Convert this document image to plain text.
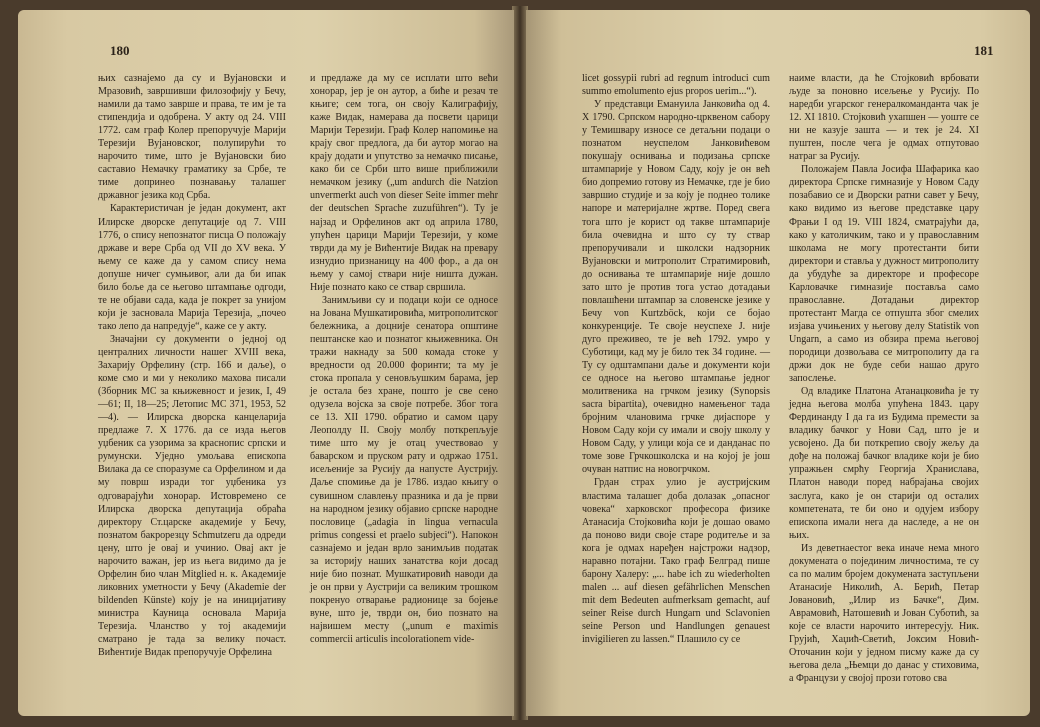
180

њих сазнајемо да су и Вујановски и Мразовић, завршивши филозофију у Бечу, намили да тамо заврше и права, те им је та стипендија и одобрена. У акту од 24. VIII 1772. сам граф Колер препоручује Марији Терезији Вујановског, полупирући то нарочито тиме, што је Вујановски био саставио Немачку граматику за Србе, те тиме допринео познавању талашег државног језика код Срба.

Карактеристичан је један документ, акт Илирске дворске депутације од 7. VIII 1776, о спису непознатог писца О положају државе и вере Срба од VII до XV века. У њему се каже да у самом спису нема допуше ничег сумњивог, али да би ипак било боље да се његово штампање одгоди, те не објави сада, када је покрет за унијом који је засновала Марија Терезија, „почео тако лепо да напредује“, каже се у акту.

Значајни су документи о једној од централних личности нашег XVIII века, Захарију Орфелину (стр. 166 и даље), о коме смо и ми у неколико махова писали (Зборник МС за књижевност и језик, I, 49—61; II, 18—25; Летопис МС 371, 1953, 52—4). — Илирска дворска канцеларија предлаже 7. X 1776. да се изда његов уџбеник са узорима за краснопис српски и румунски. Уједно умољава епископа Вилака да се споразуме са Орфелином и да му површ изради тог уџбеника уз одговарајући хонорар. Истовремено се Илирска дворска депутација обраћа директору Ст.царске академије у Бечу, познатом бакрорезцу Schmutzeru да одреди цену, што је овај и учинио. Овај акт је нарочито важан, јер из њега видимо да је Орфелин био члан Mitglied н. к. Академије ликовних уметности у Бечу (Akademie der bildenden Künste) коју је на иницијативу министра Кауница основала Марија Терезија. Чланство у тој академији сматрано је тада за велику почаст. Вићентије Видак препоручује Орфелина

и предлаже да му се исплати што већи хонорар, јер је он аутор, а биће и резач те књиге; сем тога, он своју Калиграфију, каже Видак, намерава да посвети царици Марији Терезији. Граф Колер напомиње на крају свог предлога, да би аутор могао на крају додати и упутство за немачко писање, како би се Срби што више приближили немачком језику („um andurch die Natzion unvermerkt auch von dieser Seite immer mehr der deutschen Sprache zuzuführen“). Ту је најзад и Орфелинов акт од априла 1780, упућен царици Марији Терезији, у коме тврди да му је Вићентије Видак на превару изнудио признаницу на 400 фор., а да он њему у самој ствари није ништа дужан. Није познато како се ствар свршила.

Занимљиви су и подаци који се односе на Јована Мушкатировића, митрополитског бележника, а доцније сенатора општине пештанске као и познатог књижевника. Он тражи накнаду за 500 комада стоке у вредности од 20.000 форинти; та му је стока пропала у сеновљушким барама, јер је остала без хране, пошто је све сено одузела војска за своје потребе. Због тога се 13. XII 1790. обратио и самом цару Леополду II. Своју молбу поткрепљује тиме што му је отац учествовао у баварском и пруском рату и одржао 1751. исељеније за Русију да напусте Аустрију. Даље спомиње да је 1786. издао књигу о сувишном славлењу празника и да је први на народном језику објавио српске народне пословице („adagia in lingua vernacula primus congessi et praelo subjeci“). Напокон сазнајемо и један врло занимљив податак за историју наших занатства који досад није био познат. Мушкатировић наводи да је он први у Аустрији са великим трошком покренуо отварање радионице за бојење вуне, што је, тврди он, био познато на највишем месту („unum e maximis commercii articulis incolorationem vide-

181

licet gossypii rubri ad regnum introduci cum summo emolumento ejus propos uerim...“).

У представци Емануила Јанковића од 4. X 1790. Српском народно-црквеном сабору у Темишвару износе се детаљни подаци о познатом неуспелом Јанковићевом покушају оснивања и подизања српске штампарије у Новом Саду, коју је он већ био допремио готову из Немачке, где је био завршио студије и за коју је поднео толике напоре и материјалне жртве. Поред свега тога што је корист од такве штампарије била очевидна и што су ту ствар препоручивали и школски надзорник Вујановски и митрополит Стратимировић, до оснивања те штампарије није дошло зато што је против тога устао дотадањи повлашћени штампар за словенске језике у Бечу von Kurtzböck, који се бојао конкуренције. Те своје неуспехе Ј. није дуго преживео, те је већ 1792. умро у Суботици, кад му је било тек 34 године. — Ту су одштампани даље и документи који се односе на његово штампање једног молитвеника на грчком језику (Synopsis sacra bipartita), очевидно намењеног тада бројним члановима грчке дијаспоре у Новом Саду који су имали и своју школу у Новом Саду, у улици која се и данданас по томе зове Грчкошколска и на којој је још очуван натпис на новогрчком.

Грдан страх улио је аустријским властима талашег доба долазак „опасног човека“ харковског професора физике Атанасија Стојковића који је дошао овамо да поново види своје старе родитеље и за кога је одмах наређен најстрожи надзор, наравно потајни. Тако граф Белград пише барону Халеру: „... habe ich zu wiederholten malen ... auf diesen gefährlichen Menschen mit dem Bedeuten aufmerksam gemacht, auf seiner Reise durch Hungarn und Sclavonien seine Person und Handlungen genauest invigilieren zu lassen.“ Плашило су се

наиме власти, да ће Стојковић врбовати људе за поновно исељење у Русију. По наредби угарског генералкоманданта чак је 12. XI 1810. Стојковић ухапшен — уоште се ни не казује зашта — и тек је 24. XI пуштен, после чега је одмах отпутовао натраг за Русију.

Положајем Павла Јосифа Шафарика као директора Српске гимназије у Новом Саду позабавио се и Дворски ратни савет у Бечу, како видимо из његове представке цару Фрањи I од 19. VIII 1824, сматрајући да, како у католичким, тако и у православним школама не могу протестанти бити директори и ставља у дужност митрополиту да убудуће за директоре и професоре Карловачке гимназије поставља само православне. Дотадањи директор протестант Магда се отпушта због смелих изјава учињених у његову делу Statistik von Ungarn, а само из обзира према његовој породици дозвољава се митрополиту да га држи док не буде себи нашао друго запослење.

Од владике Платона Атанацковића је ту једна његова молба упућена 1843. цару Фердинанду I да га из Будима премести за владику бачког у Нови Сад, што је и усвојено. Да би поткрепио своју жељу да дође на положај бачког владике који је био упражњен смрћу Георгија Храниславa, Платон наводи поред набрајања својих заслуга, како је он старији од осталих компетената, те би оно и одујем избору епископа имали нега да наследе, а не он њих.

Из деветнаестог века иначе нема много докумената о појединим личностима, те су са по малим бројем докумената заступљени Атанасије Николић, А. Берић, Петар Јовановић, „Илир из Бачке“, Дим. Аврамовић, Натошевић и Јован Суботић, за које се власти нарочито интересују. Ник. Грујић, Хаџић-Светић, Јоксим Новић-Оточанин који у једном писму каже да су његова дела „Њемци до данас у стиховима, а Французи у својој прози готово сва
